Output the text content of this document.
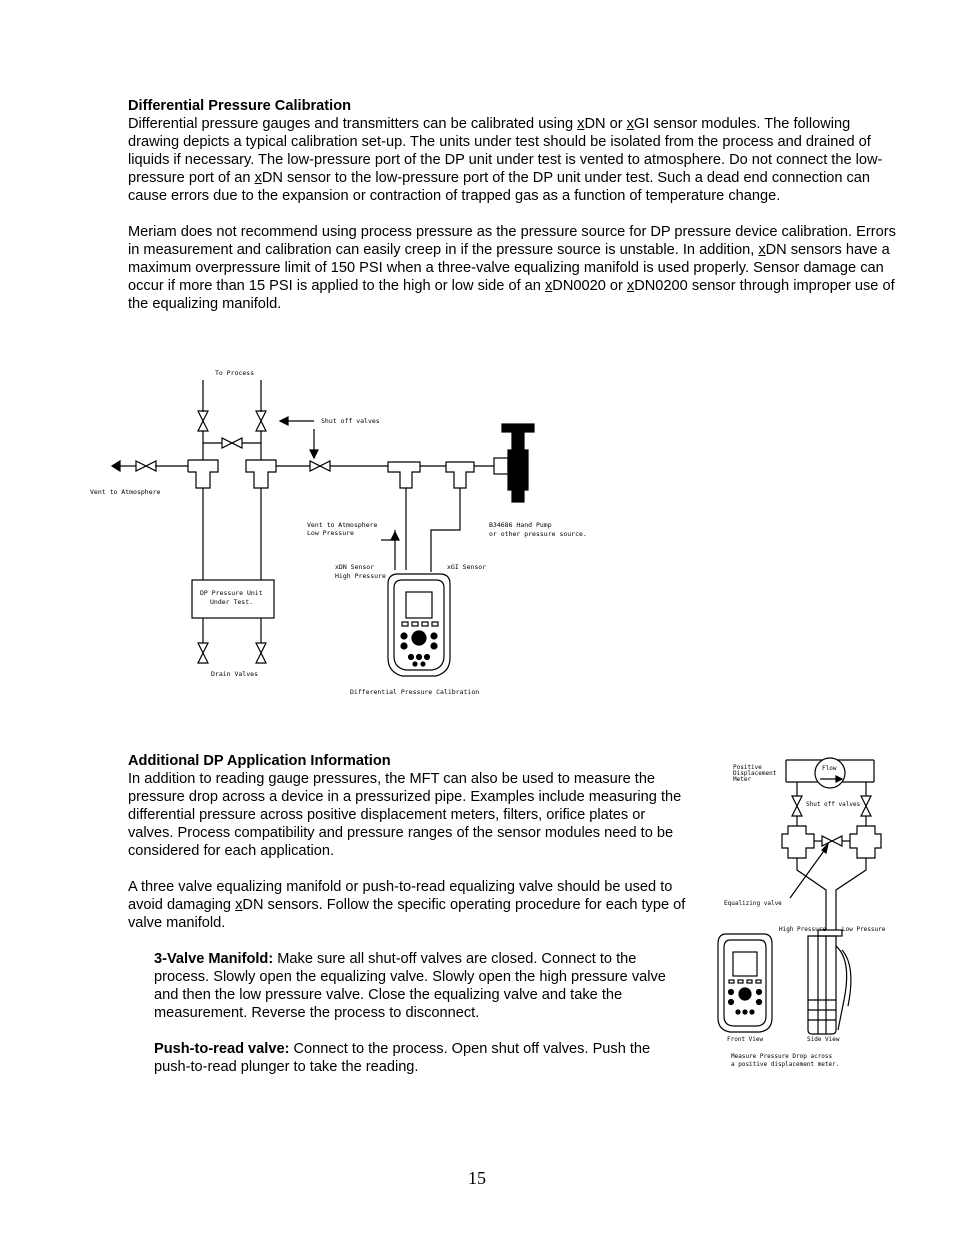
Differential Pressure Calibration

Differential pressure gauges and transmitters can be calibrated using xDN or xGI sensor modules. The following drawing depicts a typical calibration set-up. The units under test should be isolated from the process and drained of liquids if necessary. The low-pressure port of the DP unit under test is vented to atmosphere. Do not connect the low-pressure port of an xDN sensor to the low-pressure port of the DP unit under test. Such a dead end connection can cause errors due to the expansion or contraction of trapped gas as a function of temperature change.

Meriam does not recommend using process pressure as the pressure source for DP pressure device calibration. Errors in measurement and calibration can easily creep in if the pressure source is unstable. In addition, xDN sensors have a maximum overpressure limit of 150 PSI when a three-valve equalizing manifold is used properly. Sensor damage can occur if more than 15 PSI is applied to the high or low side of an xDN0020 or xDN0200 sensor through improper use of the equalizing manifold.

Additional DP Application Information

In addition to reading gauge pressures, the MFT can also be used to measure the pressure drop across a device in a pressurized pipe. Examples include measuring the differential pressure across positive displacement meters, filters, orifice plates or valves. Process compatibility and pressure ranges of the sensor modules need to be considered for each application.

A three valve equalizing manifold or push-to-read equalizing valve should be used to avoid damaging xDN sensors. Follow the specific operating procedure for each type of valve manifold.

3-Valve Manifold: Make sure all shut-off valves are closed. Connect to the process. Slowly open the equalizing valve. Slowly open the high pressure valve and then the low pressure valve. Close the equalizing valve and take the measurement. Reverse the process to disconnect.

Push-to-read valve: Connect to the process. Open shut off valves. Push the push-to-read plunger to take the reading.

To Process
Shut off valves
Vent to Atmosphere
Vent to Atmosphere
Low Pressure
B34686 Hand Pump
or other pressure source.
xDN Sensor
High Pressure
xGI Sensor
DP Pressure Unit
Under Test.
Drain Valves
Differential Pressure Calibration
Positive
Displacement
Meter
Flow
Shut off valves
Equalizing valve
High Pressure	Low Pressure
Front View	Side View
Measure Pressure Drop across
a positive displacement meter.
15
